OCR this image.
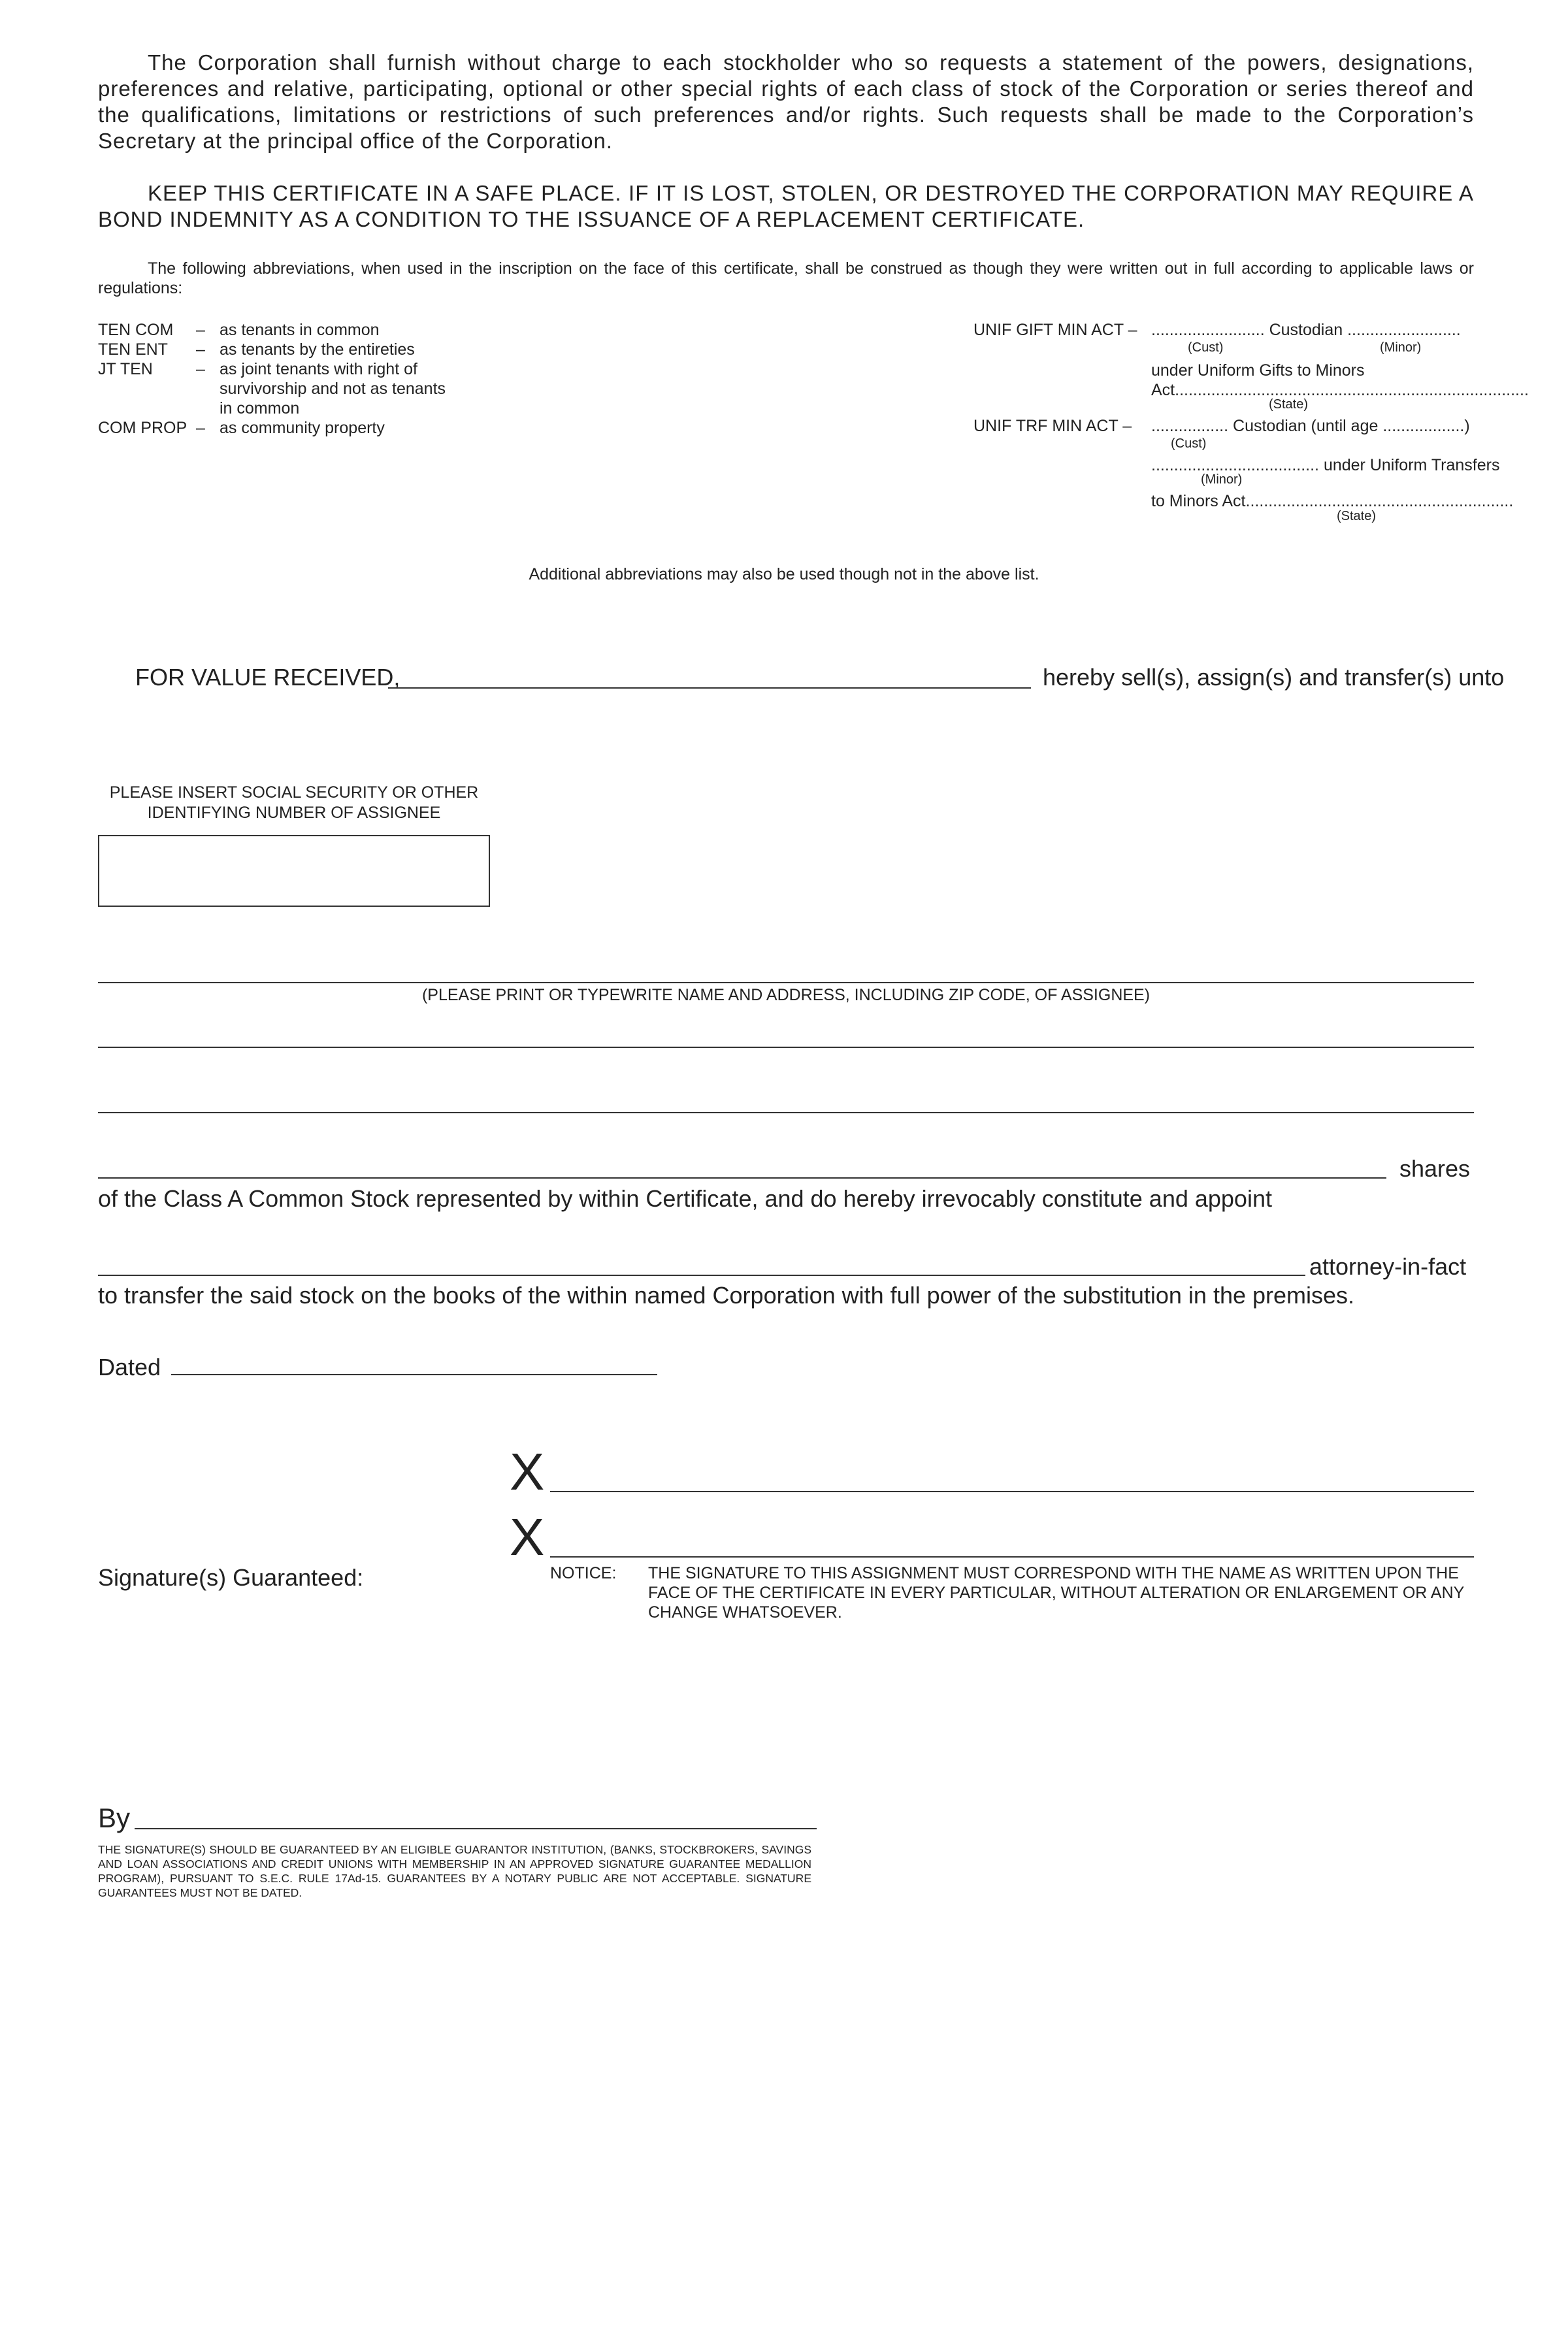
The Corporation shall furnish without charge to each stockholder who so requests a statement of the powers, designations, preferences and relative, participating, optional or other special rights of each class of stock of the Corporation or series thereof and the qualifications, limitations or restrictions of such preferences and/or rights. Such requests shall be made to the Corporation’s Secretary at the principal office of the Corporation.
KEEP THIS CERTIFICATE IN A SAFE PLACE. IF IT IS LOST, STOLEN, OR DESTROYED THE CORPORATION MAY REQUIRE A BOND INDEMNITY AS A CONDITION TO THE ISSUANCE OF A REPLACEMENT CERTIFICATE.
The following abbreviations, when used in the inscription on the face of this certificate, shall be construed as though they were written out in full according to applicable laws or regulations:
TEN COM	– as tenants in common
TEN ENT	– as tenants by the entireties
JT TEN	– as joint tenants with right of
survivorship and not as tenants
in common
COM PROP – as community property
UNIF GIFT MIN ACT – ......................... Custodian .........................
(Cust)	(Minor)
under Uniform Gifts to Minors
Act..............................................................................
(State)
UNIF TRF MIN ACT – ................. Custodian (until age ..................)
(Cust)
..................................... under Uniform Transfers
(Minor)
to Minors Act...........................................................
(State)
Additional abbreviations may also be used though not in the above list.
FOR VALUE RECEIVED,	hereby sell(s), assign(s) and transfer(s) unto
PLEASE INSERT SOCIAL SECURITY OR OTHER
IDENTIFYING NUMBER OF ASSIGNEE
(PLEASE PRINT OR TYPEWRITE NAME AND ADDRESS, INCLUDING ZIP CODE, OF ASSIGNEE)
shares
of the Class A Common Stock represented by within Certificate, and do hereby irrevocably constitute and appoint
attorney-in-fact
to transfer the said stock on the books of the within named Corporation with full power of the substitution in the premises.
Dated
X
X
Signature(s) Guaranteed:	NOTICE: THE SIGNATURE TO THIS ASSIGNMENT MUST CORRESPOND WITH THE NAME AS WRITTEN UPON THE
FACE OF THE CERTIFICATE IN EVERY PARTICULAR, WITHOUT ALTERATION OR ENLARGEMENT OR ANY
CHANGE WHATSOEVER.
By
THE SIGNATURE(S) SHOULD BE GUARANTEED BY AN ELIGIBLE GUARANTOR INSTITUTION, (BANKS, STOCKBROKERS, SAVINGS AND LOAN ASSOCIATIONS AND CREDIT UNIONS WITH MEMBERSHIP IN AN APPROVED SIGNATURE GUARANTEE MEDALLION PROGRAM), PURSUANT TO S.E.C. RULE 17Ad-15. GUARANTEES BY A NOTARY PUBLIC ARE NOT ACCEPTABLE. SIGNATURE GUARANTEES MUST NOT BE DATED.
